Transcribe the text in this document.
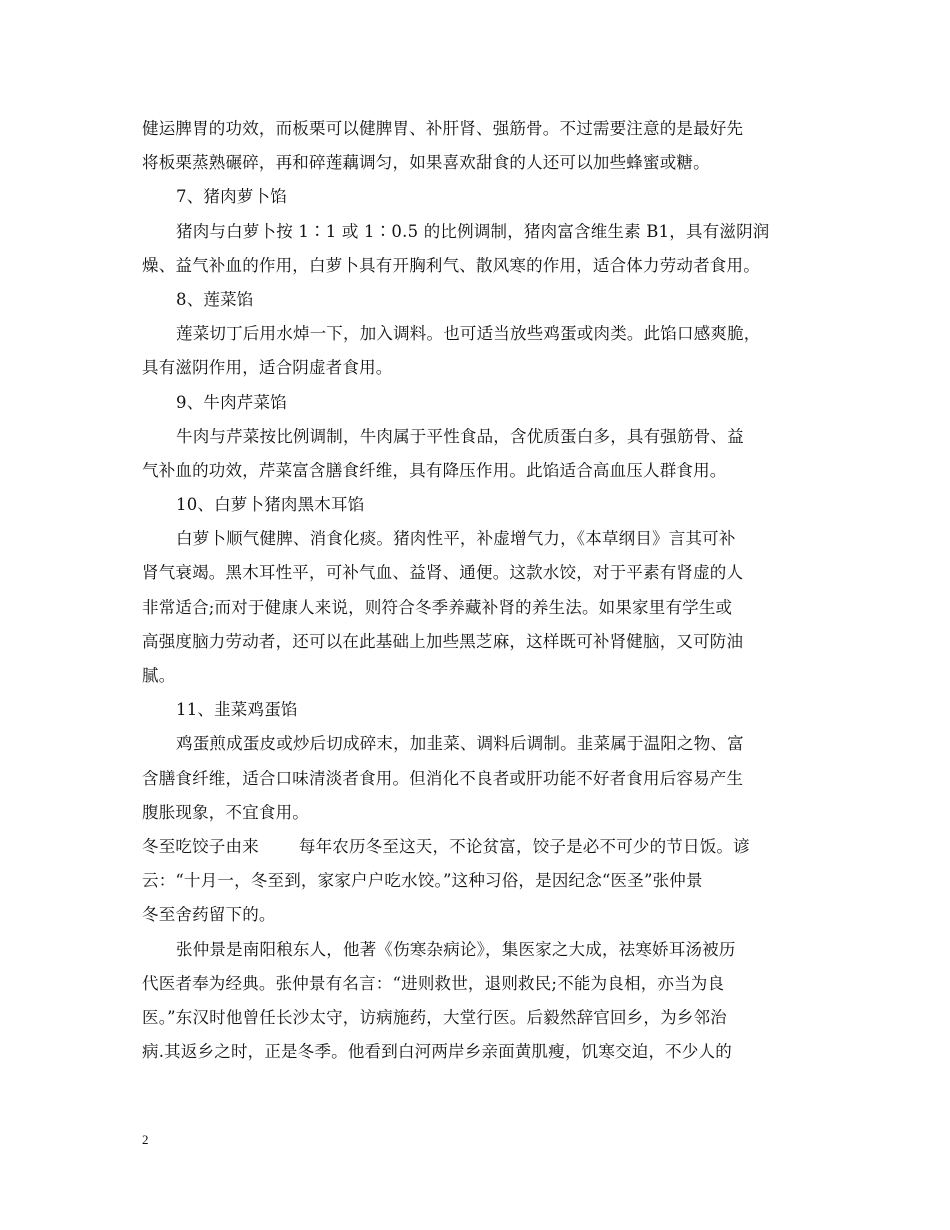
健运脾胃的功效，而板栗可以健脾胃、补肝肾、强筋骨。不过需要注意的是最好先
将板栗蒸熟碾碎，再和碎莲藕调匀，如果喜欢甜食的人还可以加些蜂蜜或糖。
7、猪肉萝卜馅
猪肉与白萝卜按 1∶1 或 1∶0.5 的比例调制，猪肉富含维生素 B1，具有滋阴润
燥、益气补血的作用，白萝卜具有开胸利气、散风寒的作用，适合体力劳动者食用。
8、莲菜馅
莲菜切丁后用水焯一下，加入调料。也可适当放些鸡蛋或肉类。此馅口感爽脆，
具有滋阴作用，适合阴虚者食用。
9、牛肉芹菜馅
牛肉与芹菜按比例调制，牛肉属于平性食品，含优质蛋白多，具有强筋骨、益
气补血的功效，芹菜富含膳食纤维，具有降压作用。此馅适合高血压人群食用。
10、白萝卜猪肉黑木耳馅
白萝卜顺气健脾、消食化痰。猪肉性平，补虚增气力，《本草纲目》言其可补
肾气衰竭。黑木耳性平，可补气血、益肾、通便。这款水饺，对于平素有肾虚的人
非常适合;而对于健康人来说，则符合冬季养藏补肾的养生法。如果家里有学生或
高强度脑力劳动者，还可以在此基础上加些黑芝麻，这样既可补肾健脑，又可防油
腻。
11、韭菜鸡蛋馅
鸡蛋煎成蛋皮或炒后切成碎末，加韭菜、调料后调制。韭菜属于温阳之物、富
含膳食纤维，适合口味清淡者食用。但消化不良者或肝功能不好者食用后容易产生
腹胀现象，不宜食用。
冬至吃饺子由来 每年农历冬至这天，不论贫富，饺子是必不可少的节日饭。谚
云：“十月一，冬至到，家家户户吃水饺。”这种习俗，是因纪念“医圣”张仲景
冬至舍药留下的。
张仲景是南阳稂东人，他著《伤寒杂病论》，集医家之大成，祛寒娇耳汤被历
代医者奉为经典。张仲景有名言：“进则救世，退则救民;不能为良相，亦当为良
医。”东汉时他曾任长沙太守，访病施药，大堂行医。后毅然辞官回乡，为乡邻治
病.其返乡之时，正是冬季。他看到白河两岸乡亲面黄肌瘦，饥寒交迫，不少人的
2
